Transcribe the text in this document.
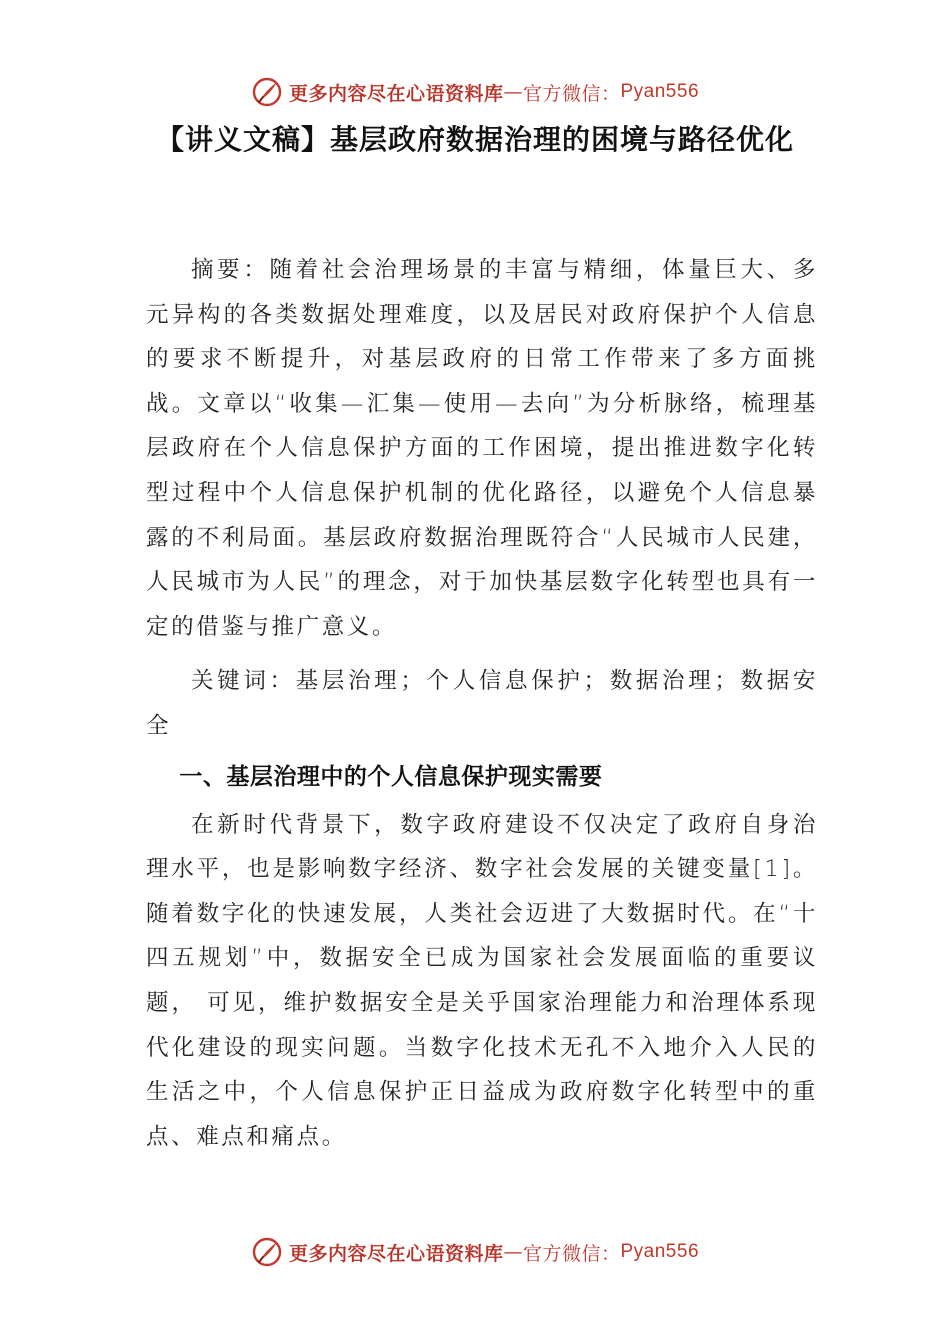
更多内容尽在心语资料库 — 官方微信： Pyan556
【讲义文稿】基层政府数据治理的困境与路径优化

摘要：随着社会治理场景的丰富与精细，体量巨大、多元异构的各类数据处理难度，以及居民对政府保护个人信息的要求不断提升，对基层政府的日常工作带来了多方面挑战。文章以“收集—汇集—使用—去向”为分析脉络，梳理基层政府在个人信息保护方面的工作困境，提出推进数字化转型过程中个人信息保护机制的优化路径，以避免个人信息暴露的不利局面。基层政府数据治理既符合“人民城市人民建，人民城市为人民”的理念，对于加快基层数字化转型也具有一定的借鉴与推广意义。

关键词：基层治理；个人信息保护；数据治理；数据安全

一、基层治理中的个人信息保护现实需要

在新时代背景下，数字政府建设不仅决定了政府自身治理水平，也是影响数字经济、数字社会发展的关键变量[1]。随着数字化的快速发展，人类社会迈进了大数据时代。在“十四五规划”中，数据安全已成为国家社会发展面临的重要议题， 可见，维护数据安全是关乎国家治理能力和治理体系现代化建设的现实问题。当数字化技术无孔不入地介入人民的生活之中，个人信息保护正日益成为政府数字化转型中的重点、难点和痛点。

更多内容尽在心语资料库 — 官方微信： Pyan556
